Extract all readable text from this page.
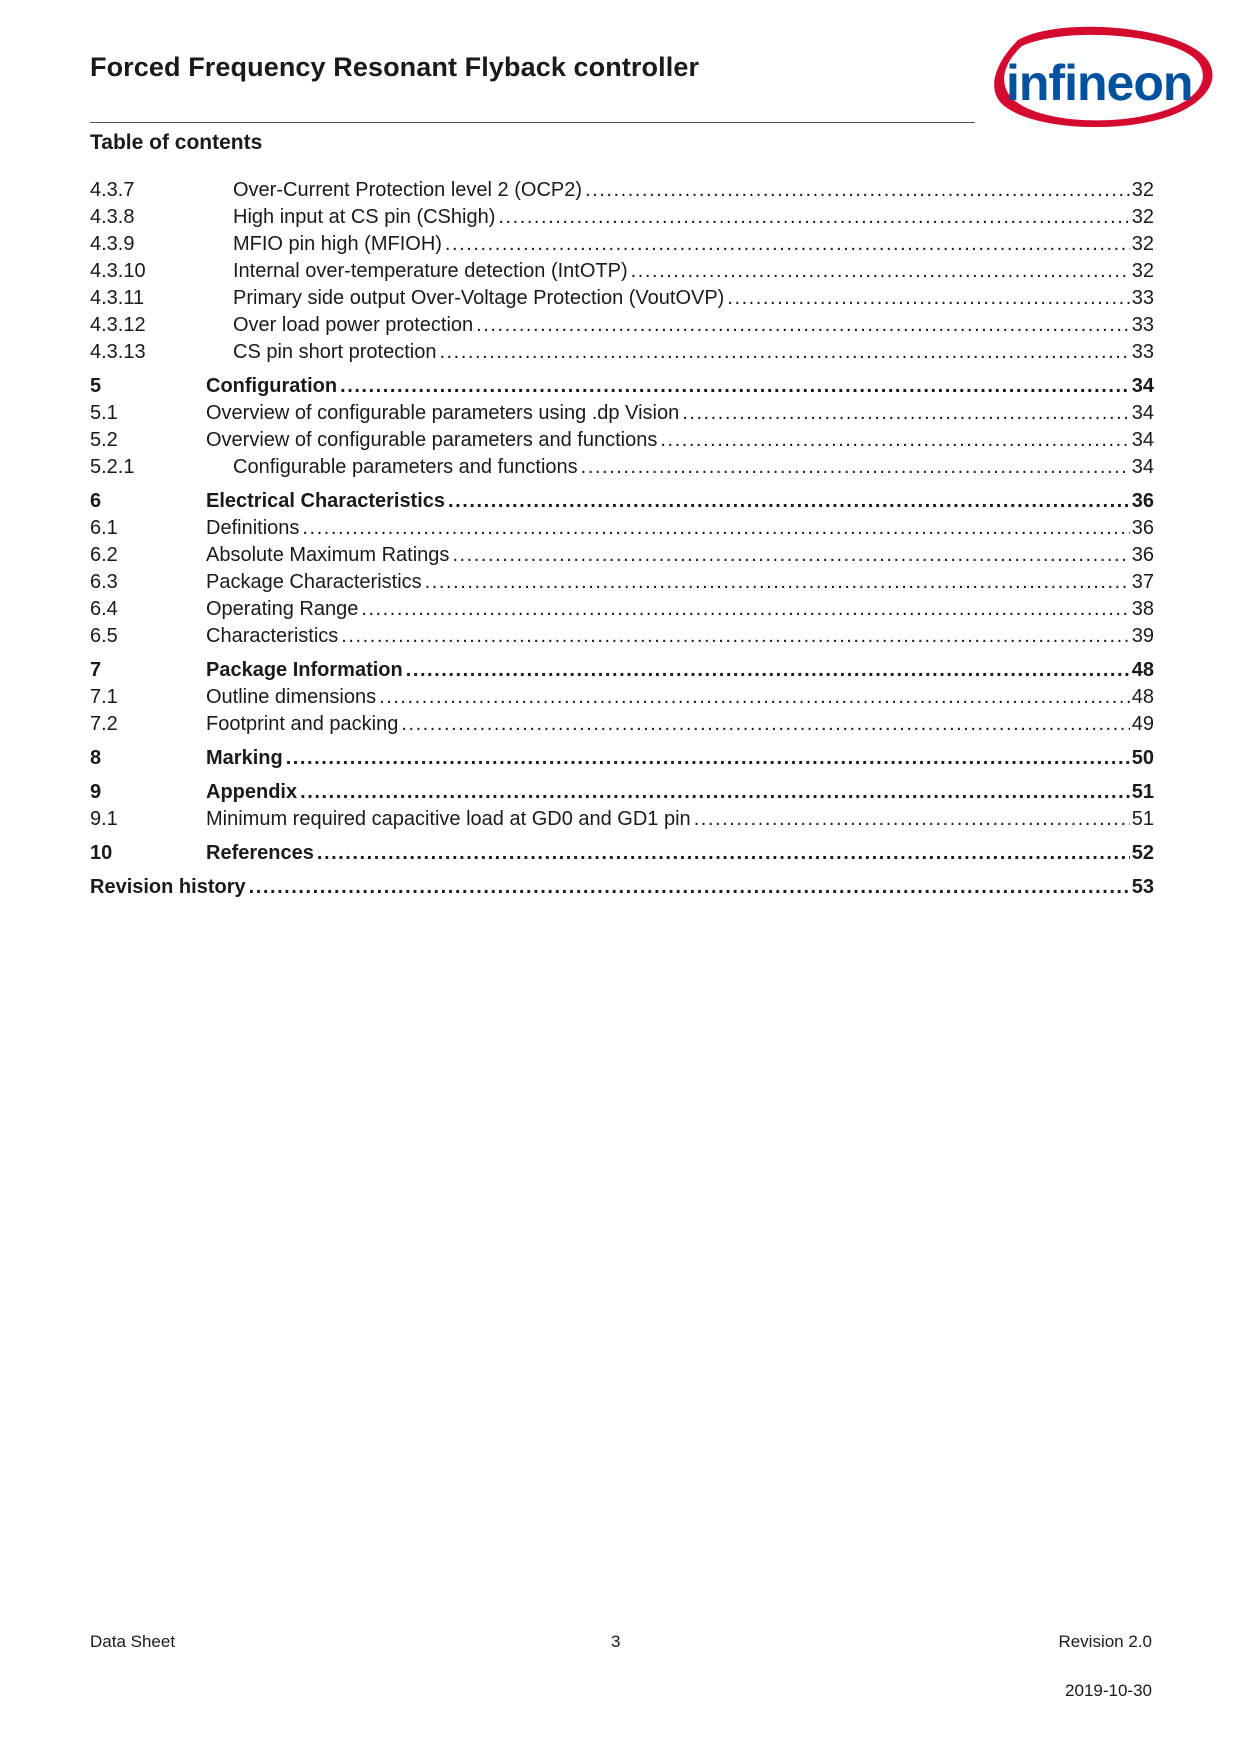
Forced Frequency Resonant Flyback controller	infineon
Table of contents
4.3.7	Over-Current Protection level 2 (OCP2) . . .	32
4.3.8	High input at CS pin (CShigh) . . .	32
4.3.9	MFIO pin high (MFIOH) . . .	32
4.3.10	Internal over-temperature detection (IntOTP) . . .	32
4.3.11	Primary side output Over-Voltage Protection (VoutOVP) . . .	33
4.3.12	Over load power protection . . .	33
4.3.13	CS pin short protection . . .	33
5	Configuration . . .	34
5.1	Overview of configurable parameters using .dp Vision . . .	34
5.2	Overview of configurable parameters and functions . . .	34
5.2.1	Configurable parameters and functions . . .	34
6	Electrical Characteristics . . .	36
6.1	Definitions . . .	36
6.2	Absolute Maximum Ratings . . .	36
6.3	Package Characteristics . . .	37
6.4	Operating Range . . .	38
6.5	Characteristics . . .	39
7	Package Information . . .	48
7.1	Outline dimensions . . .	48
7.2	Footprint and packing . . .	49
8	Marking . . .	50
9	Appendix . . .	51
9.1	Minimum required capacitive load at GD0 and GD1 pin . . .	51
10	References . . .	52
Revision history . . .	53
Data Sheet	3	Revision 2.0
2019-10-30
